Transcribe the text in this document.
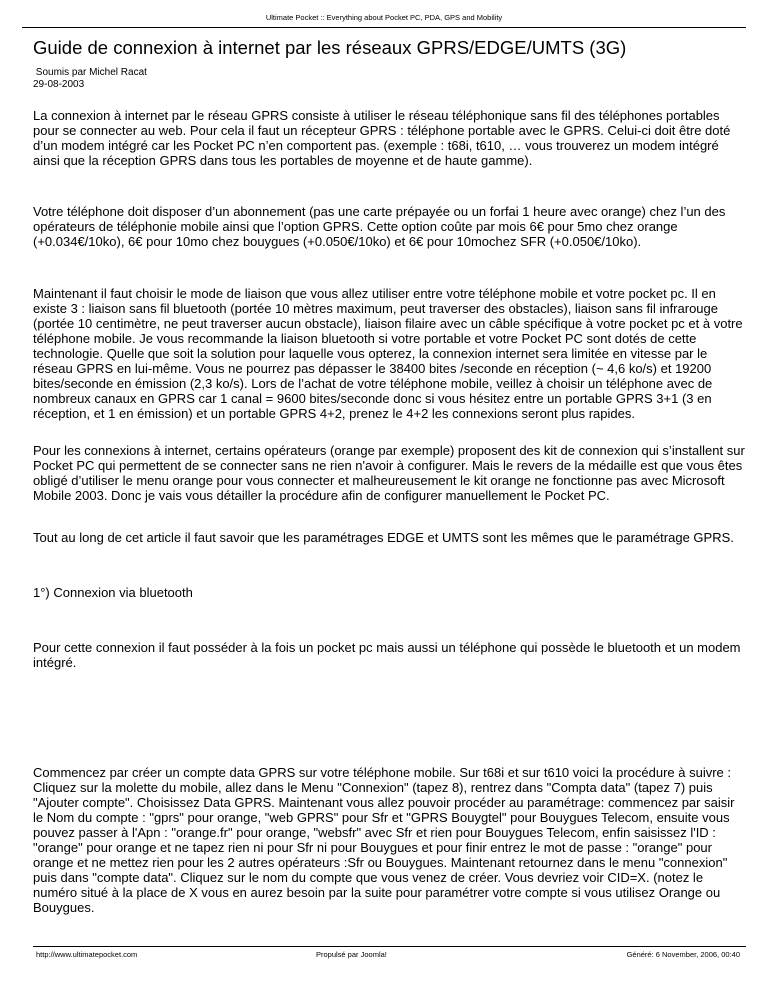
Ultimate Pocket :: Everything about Pocket PC, PDA, GPS and Mobility
Guide de connexion à internet par les réseaux GPRS/EDGE/UMTS (3G)
Soumis par Michel Racat
29-08-2003

La connexion à internet par le réseau GPRS consiste à utiliser le réseau téléphonique sans fil des téléphones portables pour se connecter au web. Pour cela il faut un récepteur GPRS : téléphone portable avec le GPRS. Celui-ci doit être doté d’un modem intégré car les Pocket PC n’en comportent pas. (exemple : t68i, t610, … vous trouverez un modem intégré ainsi que la réception GPRS dans tous les portables de moyenne et de haute gamme).

Votre téléphone doit disposer d’un abonnement (pas une carte prépayée ou un forfai 1 heure avec orange) chez l’un des opérateurs de téléphonie mobile ainsi que l’option GPRS. Cette option coûte par mois 6€ pour 5mo chez orange (+0.034€/10ko), 6€ pour 10mo chez bouygues (+0.050€/10ko) et 6€ pour 10mochez SFR (+0.050€/10ko).

Maintenant il faut choisir le mode de liaison que vous allez utiliser entre votre téléphone mobile et votre pocket pc. Il en existe 3 : liaison sans fil bluetooth (portée 10 mètres maximum, peut traverser des obstacles), liaison sans fil infrarouge (portée 10 centimètre, ne peut traverser aucun obstacle), liaison filaire avec un câble spécifique à votre pocket pc et à votre téléphone mobile. Je vous recommande la liaison bluetooth si votre portable et votre Pocket PC sont dotés de cette technologie. Quelle que soit la solution pour laquelle vous opterez, la connexion internet sera limitée en vitesse par le réseau GPRS en lui-même. Vous ne pourrez pas dépasser le 38400 bites /seconde en réception (~ 4,6 ko/s) et 19200 bites/seconde en émission (2,3 ko/s). Lors de l’achat de votre téléphone mobile, veillez à choisir un téléphone avec de nombreux canaux en GPRS car 1 canal = 9600 bites/seconde donc si vous hésitez entre un portable GPRS 3+1 (3 en réception, et 1 en émission) et un portable GPRS 4+2, prenez le 4+2 les connexions seront plus rapides.

Pour les connexions à internet, certains opérateurs (orange par exemple) proposent des kit de connexion qui s’installent sur Pocket PC qui permettent de se connecter sans ne rien n'avoir à configurer. Mais le revers de la médaille est que vous êtes obligé d’utiliser le menu orange pour vous connecter et malheureusement le kit orange ne fonctionne pas avec Microsoft Mobile 2003. Donc je vais vous détailler la procédure afin de configurer manuellement le Pocket PC.

Tout au long de cet article il faut savoir que les paramétrages EDGE et UMTS sont les mêmes que le paramétrage GPRS.

1°) Connexion via bluetooth

Pour cette connexion il faut posséder à la fois un pocket pc mais aussi un téléphone qui possède le bluetooth et un modem intégré.

Commencez par créer un compte data GPRS sur votre téléphone mobile. Sur t68i et sur t610 voici la procédure à suivre : Cliquez sur la molette du mobile, allez dans le Menu "Connexion" (tapez 8), rentrez dans "Compta data" (tapez 7) puis "Ajouter compte". Choisissez Data GPRS. Maintenant vous allez pouvoir procéder au paramétrage: commencez par saisir le Nom du compte : "gprs" pour orange, "web GPRS" pour Sfr et "GPRS Bouygtel" pour Bouygues Telecom, ensuite vous pouvez passer à l'Apn : "orange.fr" pour orange, "websfr" avec Sfr et rien pour Bouygues Telecom, enfin saisissez l'ID : "orange" pour orange et ne tapez rien ni pour Sfr ni pour Bouygues et pour finir entrez le mot de passe : "orange" pour orange et ne mettez rien pour les 2 autres opérateurs :Sfr ou Bouygues. Maintenant retournez dans le menu "connexion" puis dans "compte data". Cliquez sur le nom du compte que vous venez de créer. Vous devriez voir CID=X. (notez le numéro situé à la place de X vous en aurez besoin par la suite pour paramétrer votre compte si vous utilisez Orange ou Bouygues.

http://www.ultimatepocket.com	Propulsé par Joomla!	Généré: 6 November, 2006, 00:40
